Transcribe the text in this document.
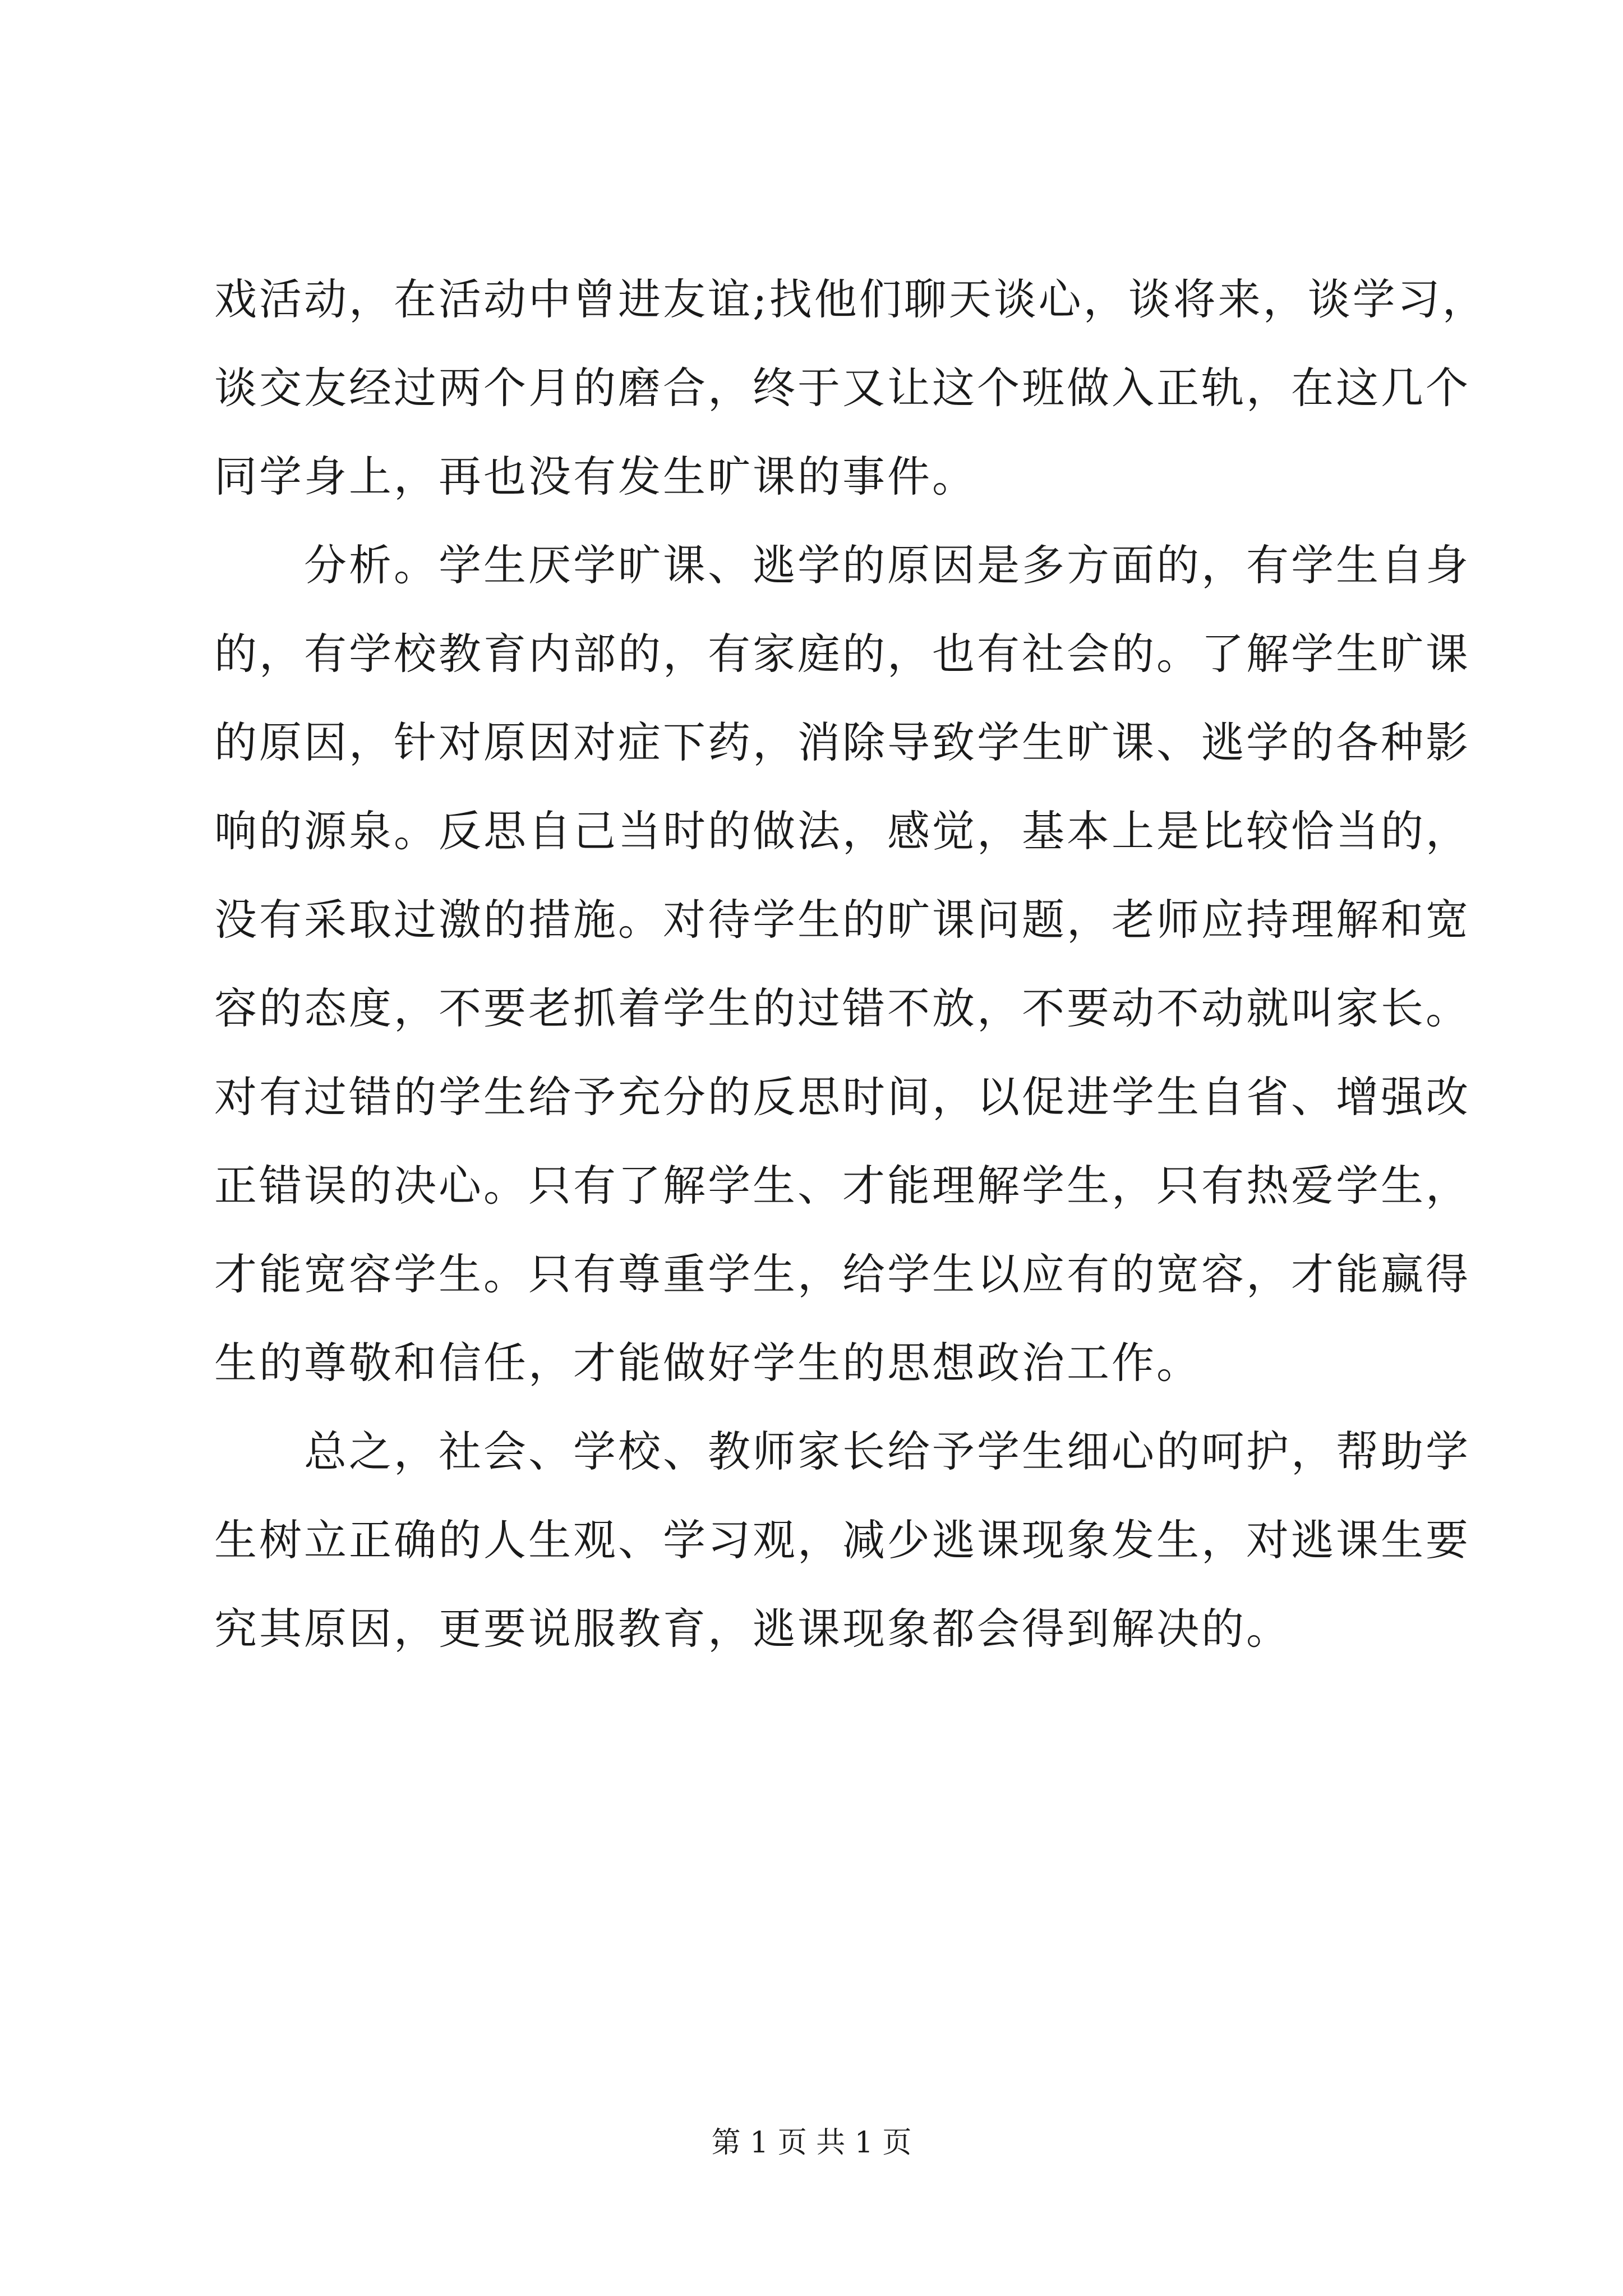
戏活动，在活动中曾进友谊;找他们聊天谈心，谈将来，谈学习，
谈交友经过两个月的磨合，终于又让这个班做入正轨，在这几个
同学身上，再也没有发生旷课的事件。
　　分析。学生厌学旷课、逃学的原因是多方面的，有学生自身
的，有学校教育内部的，有家庭的，也有社会的。了解学生旷课
的原因，针对原因对症下药，消除导致学生旷课、逃学的各种影
响的源泉。反思自己当时的做法，感觉，基本上是比较恰当的，
没有采取过激的措施。对待学生的旷课问题，老师应持理解和宽
容的态度，不要老抓着学生的过错不放，不要动不动就叫家长。
对有过错的学生给予充分的反思时间，以促进学生自省、增强改
正错误的决心。只有了解学生、才能理解学生，只有热爱学生，
才能宽容学生。只有尊重学生，给学生以应有的宽容，才能赢得
生的尊敬和信任，才能做好学生的思想政治工作。
　　总之，社会、学校、教师家长给予学生细心的呵护，帮助学
生树立正确的人生观、学习观，减少逃课现象发生，对逃课生要
究其原因，更要说服教育，逃课现象都会得到解决的。
第 1 页 共 1 页
